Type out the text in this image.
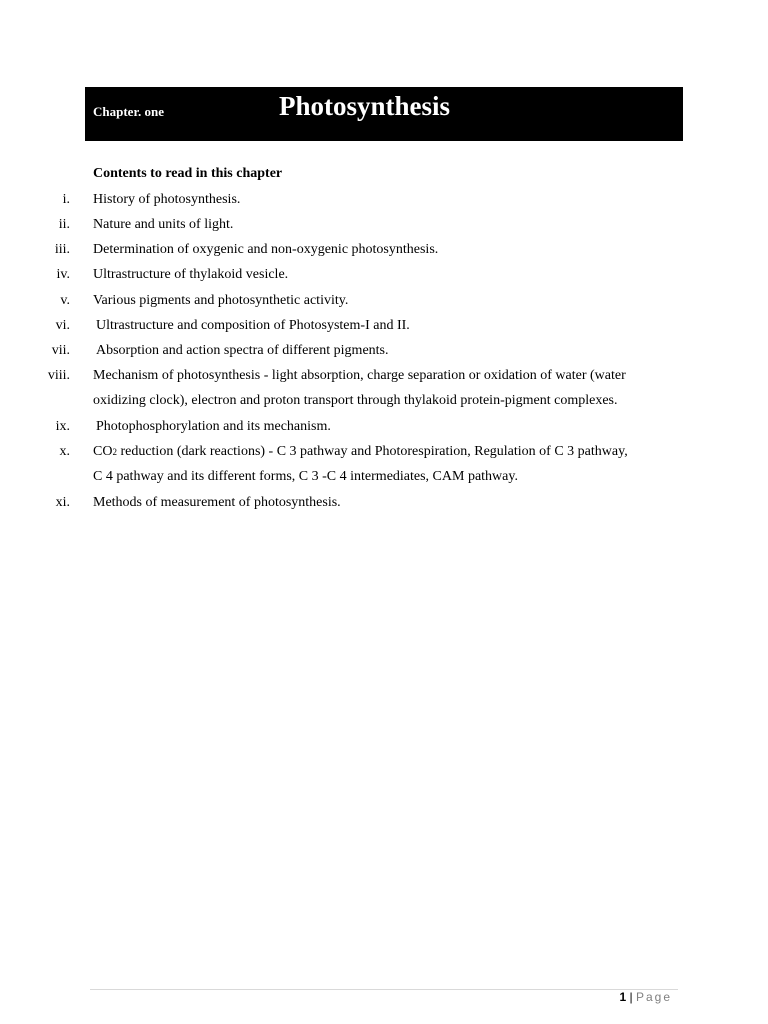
Chapter. one	Photosynthesis
Contents to read in this chapter
i. History of photosynthesis.
ii. Nature and units of light.
iii. Determination of oxygenic and non-oxygenic photosynthesis.
iv. Ultrastructure of thylakoid vesicle.
v. Various pigments and photosynthetic activity.
vi. Ultrastructure and composition of Photosystem-I and II.
vii. Absorption and action spectra of different pigments.
viii. Mechanism of photosynthesis - light absorption, charge separation or oxidation of water (water
oxidizing clock), electron and proton transport through thylakoid protein-pigment complexes.
ix. Photophosphorylation and its mechanism.
x. CO2 reduction (dark reactions) - C 3 pathway and Photorespiration, Regulation of C 3 pathway,
C 4 pathway and its different forms, C 3 -C 4 intermediates, CAM pathway.
xi. Methods of measurement of photosynthesis.
1 | Page
